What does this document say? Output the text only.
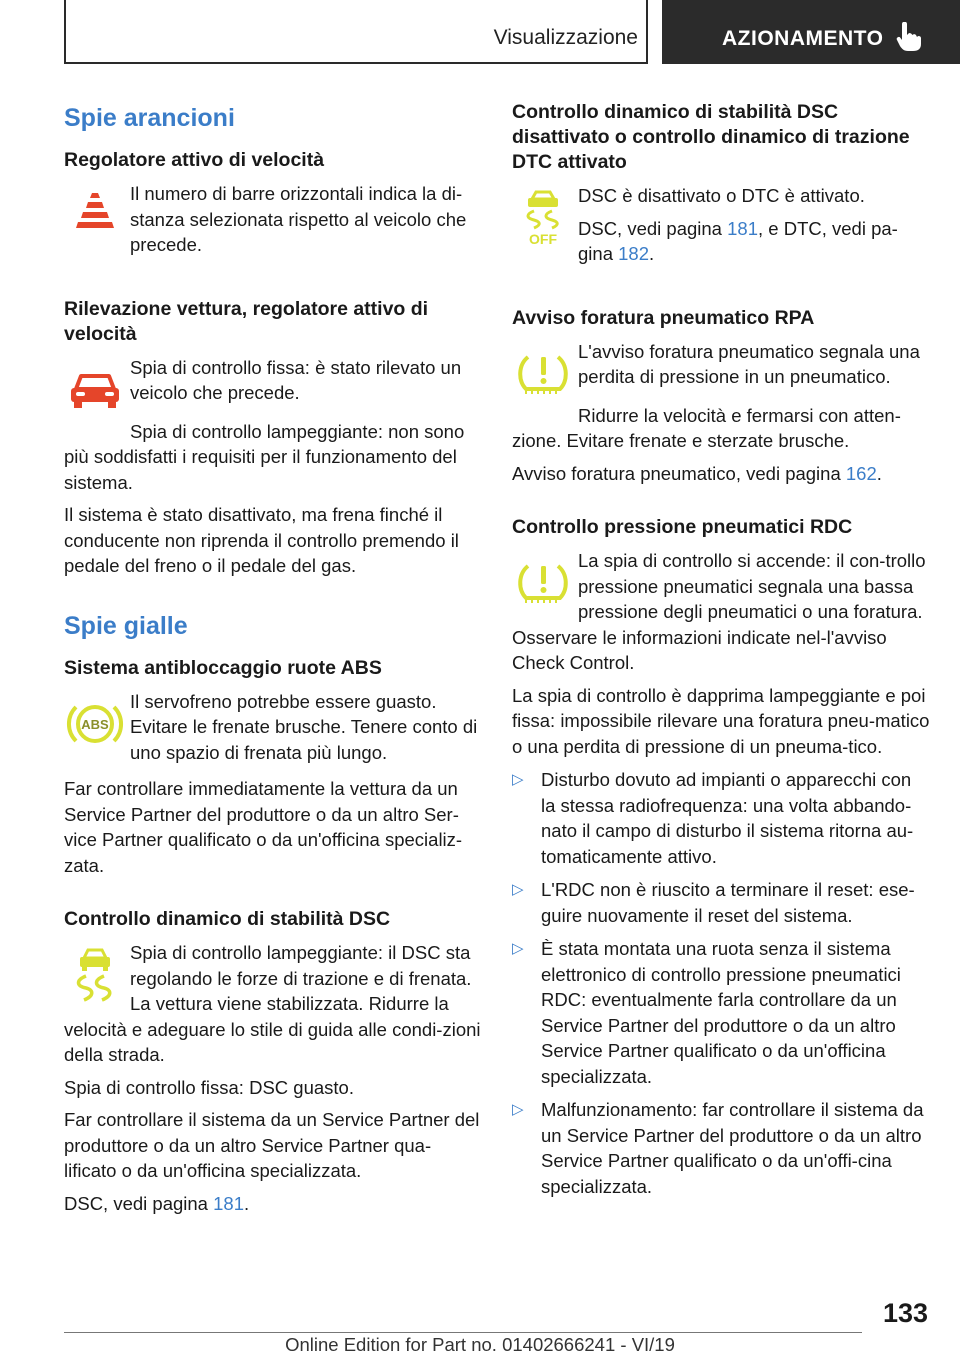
Visualizzazione	AZIONAMENTO
Spie arancioni
Regolatore attivo di velocità

Il numero di barre orizzontali indica la di-stanza selezionata rispetto al veicolo che precede.

Rilevazione vettura, regolatore attivo di velocità

Spia di controllo fissa: è stato rilevato un veicolo che precede.

Spia di controllo lampeggiante: non sono più soddisfatti i requisiti per il funzionamento del sistema.

Il sistema è stato disattivato, ma frena finché il conducente non riprenda il controllo premendo il pedale del freno o il pedale del gas.

Spie gialle
Sistema antibloccaggio ruote ABS
ABS

Il servofreno potrebbe essere guasto. Evitare le frenate brusche. Tenere conto di uno spazio di frenata più lungo.

Far controllare immediatamente la vettura da un Service Partner del produttore o da un altro Ser-vice Partner qualificato o da un'officina specializ-zata.

Controllo dinamico di stabilità DSC

Spia di controllo lampeggiante: il DSC sta regolando le forze di trazione e di frenata. La vettura viene stabilizzata. Ridurre la velocità e adeguare lo stile di guida alle condi-zioni della strada.

Spia di controllo fissa: DSC guasto.

Far controllare il sistema da un Service Partner del produttore o da un altro Service Partner qua-lificato o da un'officina specializzata.

DSC, vedi pagina 181.

Controllo dinamico di stabilità DSC disattivato o controllo dinamico di trazione DTC attivato
OFF

DSC è disattivato o DTC è attivato.

DSC, vedi pagina 181, e DTC, vedi pa-gina 182.

Avviso foratura pneumatico RPA

L'avviso foratura pneumatico segnala una perdita di pressione in un pneumatico.

Ridurre la velocità e fermarsi con atten-zione. Evitare frenate e sterzate brusche.

Avviso foratura pneumatico, vedi pagina 162.

Controllo pressione pneumatici RDC

La spia di controllo si accende: il con-trollo pressione pneumatici segnala una bassa pressione degli pneumatici o una foratura. Osservare le informazioni indicate nel-l'avviso Check Control.

La spia di controllo è dapprima lampeggiante e poi fissa: impossibile rilevare una foratura pneu-matico o una perdita di pressione di un pneuma-tico.

▷ Disturbo dovuto ad impianti o apparecchi con la stessa radiofrequenza: una volta abbando-nato il campo di disturbo il sistema ritorna au-tomaticamente attivo.
▷ L'RDC non è riuscito a terminare il reset: ese-guire nuovamente il reset del sistema.
▷ È stata montata una ruota senza il sistema elettronico di controllo pressione pneumatici RDC: eventualmente farla controllare da un Service Partner del produttore o da un altro Service Partner qualificato o da un'officina specializzata.
▷ Malfunzionamento: far controllare il sistema da un Service Partner del produttore o da un altro Service Partner qualificato o da un'offi-cina specializzata.
133
Online Edition for Part no. 01402666241 - VI/19
